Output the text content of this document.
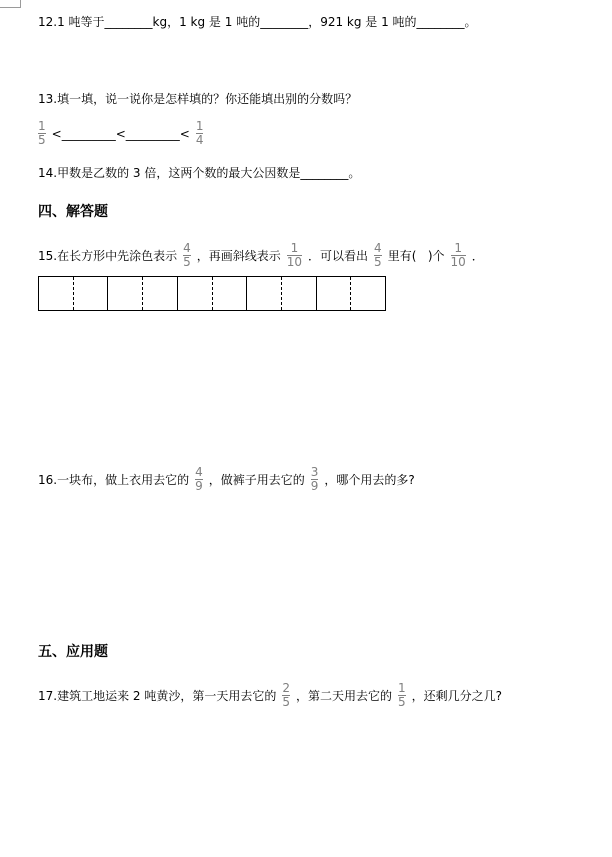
12.1 吨等于________kg，1 kg 是 1 吨的________，921 kg 是 1 吨的________。
13.填一填，说一说你是怎样填的？你还能填出别的分数吗？
$\frac{1}{5}$ <_________<_________< $\frac{1}{4}$
14.甲数是乙数的 3 倍，这两个数的最大公因数是________。
四、解答题
15.在长方形中先涂色表示 $\frac{4}{5}$ ，再画斜线表示 $\frac{1}{10}$ ．可以看出 $\frac{4}{5}$ 里有(   )个 $\frac{1}{10}$ ．
16.一块布，做上衣用去它的 $\frac{4}{9}$ ，做裤子用去它的 $\frac{3}{9}$ ，哪个用去的多?
五、应用题
17.建筑工地运来 2 吨黄沙，第一天用去它的 $\frac{2}{5}$ ，第二天用去它的 $\frac{1}{5}$ ，还剩几分之几?
